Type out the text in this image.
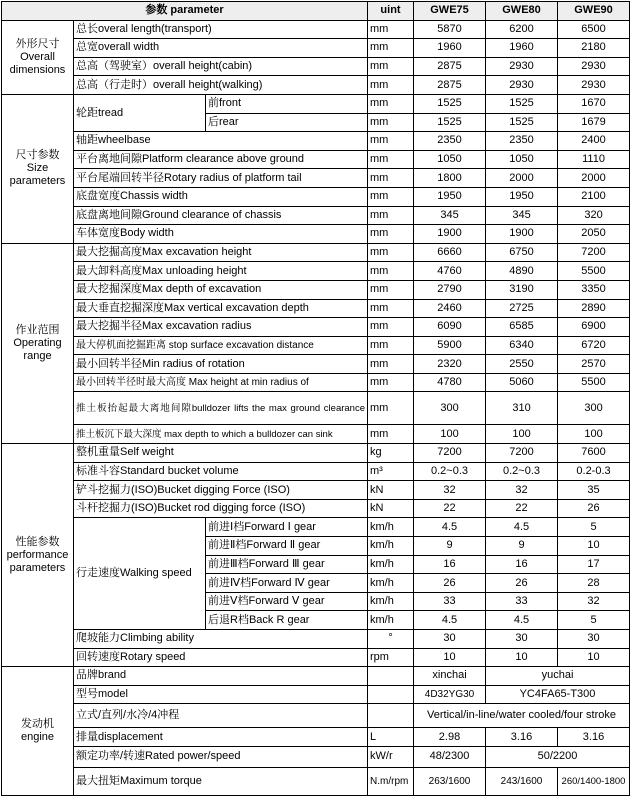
参数 parameter			uint	GWE75	GWE80	GWE90
外形尺寸 Overall dimensions	总长overal length(transport)		mm	5870	6200	6500
	总宽overall width		mm	1960	1960	2180
	总高（驾驶室）overall height(cabin)		mm	2875	2930	2930
	总高（行走时）overall height(walking)		mm	2875	2930	2930
尺寸参数 Size parameters	轮距tread	前front	mm	1525	1525	1670
		后rear	mm	1525	1525	1679
	轴距wheelbase		mm	2350	2350	2400
	平台离地间隙Platform clearance above ground		mm	1050	1050	1110
	平台尾端回转半径Rotary radius of platform tail		mm	1800	2000	2000
	底盘宽度Chassis width		mm	1950	1950	2100
	底盘离地间隙Ground clearance of chassis		mm	345	345	320
	车体宽度Body width		mm	1900	1900	2050
作业范围 Operating range	最大挖掘高度Max excavation height		mm	6660	6750	7200
	最大卸料高度Max unloading height		mm	4760	4890	5500
	最大挖掘深度Max depth of excavation		mm	2790	3190	3350
	最大垂直挖掘深度Max vertical excavation depth		mm	2460	2725	2890
	最大挖掘半径Max excavation radius		mm	6090	6585	6900
	最大停机面挖掘距离 stop surface excavation distance		mm	5900	6340	6720
	最小回转半径Min radius of rotation		mm	2320	2550	2570
	最小回转半径时最大高度 Max height at min radius of		mm	4780	5060	5500
	推土板抬起最大离地间隙bulldozer lifts the max ground clearance		mm	300	310	300
	推土板沉下最大深度 max depth to which a bulldozer can sink		mm	100	100	100
性能参数 performance parameters	整机重量Self weight		kg	7200	7200	7600
	标准斗容Standard bucket volume		m³	0.2~0.3	0.2~0.3	0.2-0.3
	铲斗挖掘力(ISO)Bucket digging Force (ISO)		kN	32	32	35
	斗杆挖掘力(ISO)Bucket rod digging force (ISO)		kN	22	22	26
	行走速度Walking speed	前进Ⅰ档Forward Ⅰ gear	km/h	4.5	4.5	5
		前进Ⅱ档Forward Ⅱ gear	km/h	9	9	10
		前进Ⅲ档Forward Ⅲ gear	km/h	16	16	17
		前进Ⅳ档Forward Ⅳ gear	km/h	26	26	28
		前进Ⅴ档Forward Ⅴ gear	km/h	33	33	32
		后退R档Back R gear	km/h	4.5	4.5	5
	爬坡能力Climbing ability		°	30	30	30
	回转速度Rotary speed		rpm	10	10	10
发动机 engine	品牌brand			xinchai	yuchai	
	型号model			4D32YG30	YC4FA65-T300	
	立式/直列/水冷/4冲程			Vertical/in-line/water cooled/four stroke		
	排量displacement		L	2.98	3.16	3.16
	额定功率/转速Rated power/speed		kW/r	48/2300	50/2200	
	最大扭矩Maximum torque		N.m/rpm	263/1600	243/1600	260/1400-1800
